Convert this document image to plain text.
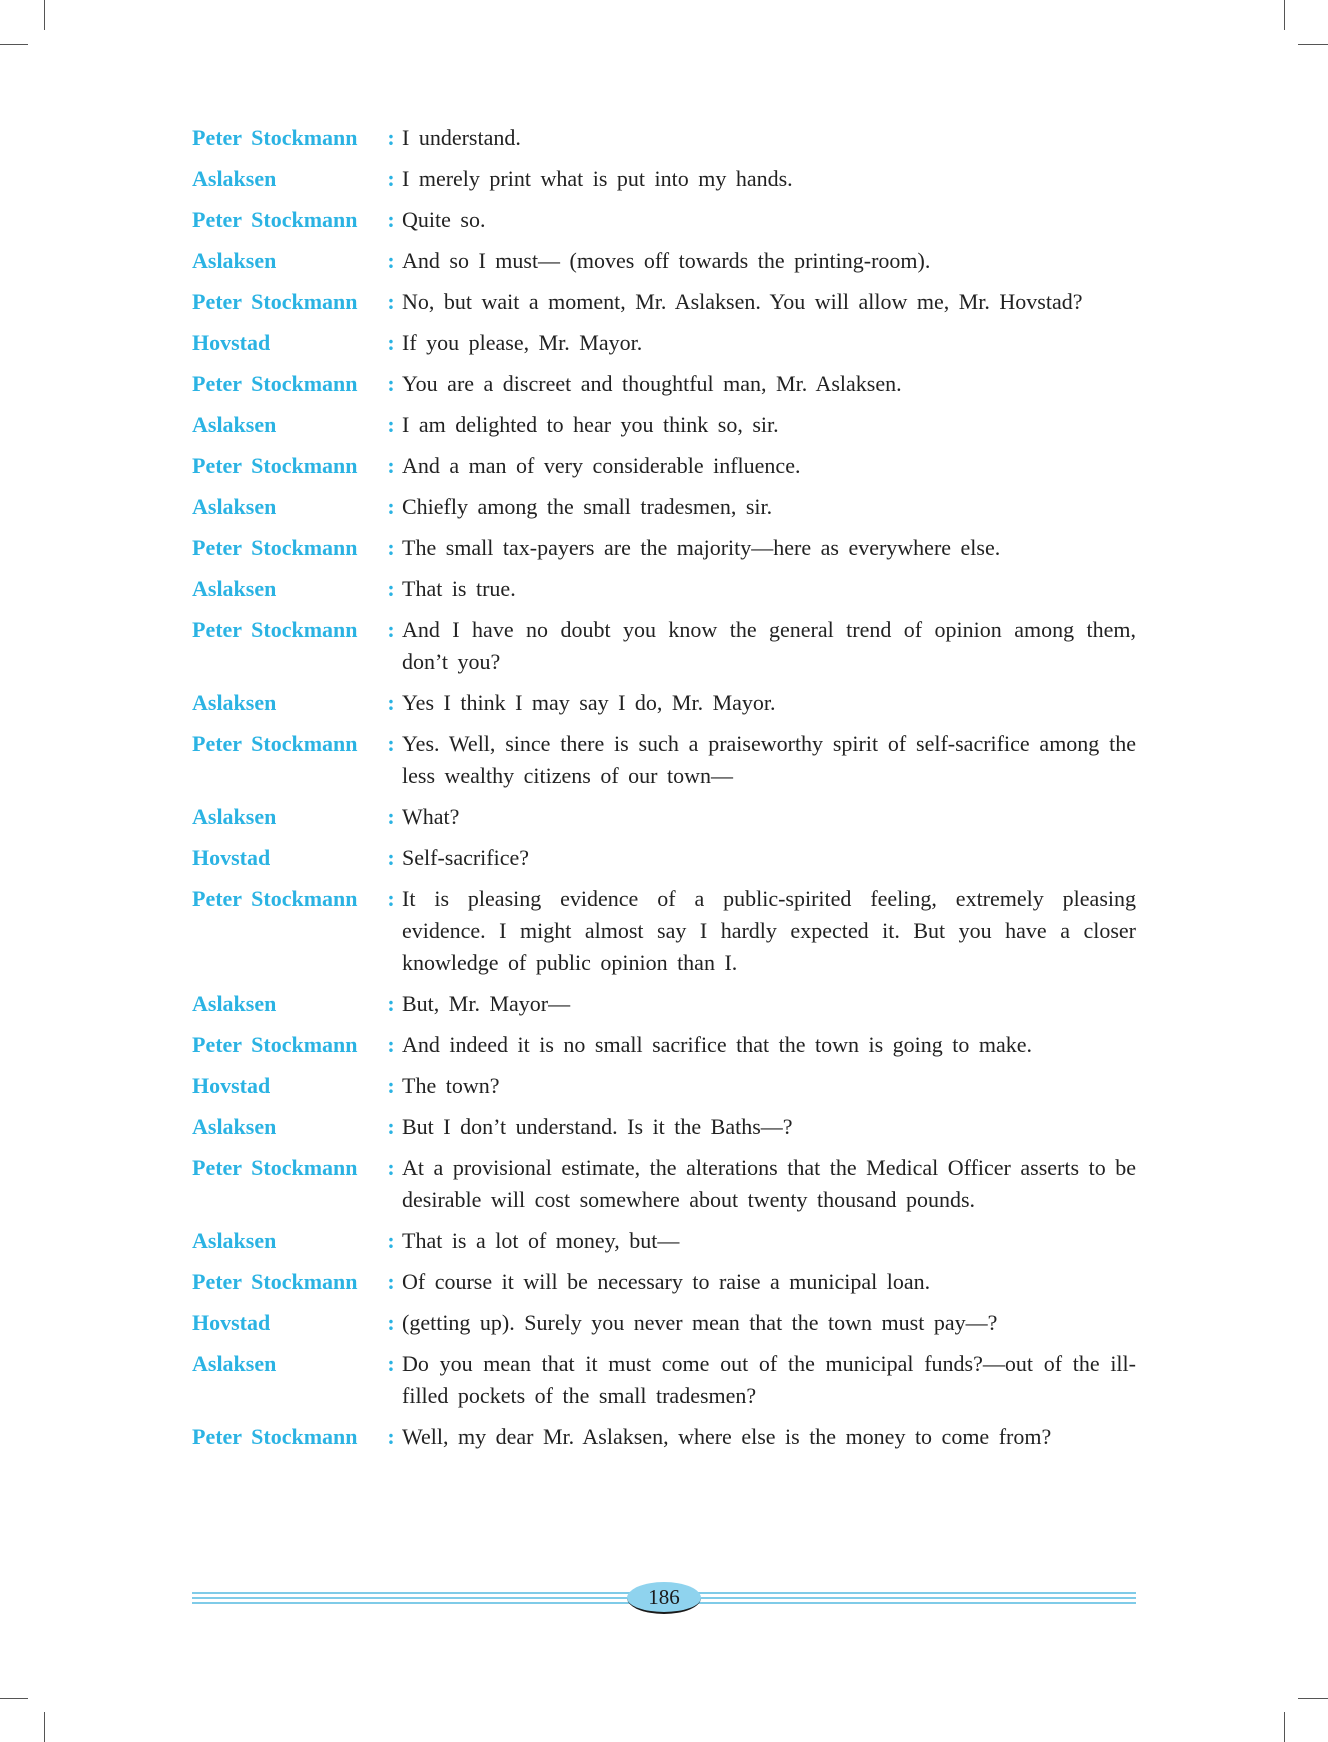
Peter Stockmann	: I understand.
Aslaksen	: I merely print what is put into my hands.
Peter Stockmann	: Quite so.
Aslaksen	: And so I must— (moves off towards the printing-room).
Peter Stockmann	: No, but wait a moment, Mr. Aslaksen. You will allow me, Mr. Hovstad?
Hovstad	: If you please, Mr. Mayor.
Peter Stockmann	: You are a discreet and thoughtful man, Mr. Aslaksen.
Aslaksen	: I am delighted to hear you think so, sir.
Peter Stockmann	: And a man of very considerable influence.
Aslaksen	: Chiefly among the small tradesmen, sir.
Peter Stockmann	: The small tax-payers are the majority—here as everywhere else.
Aslaksen	: That is true.
Peter Stockmann	: And I have no doubt you know the general trend of opinion among them, don’t you?
Aslaksen	: Yes I think I may say I do, Mr. Mayor.
Peter Stockmann	: Yes. Well, since there is such a praiseworthy spirit of self-sacrifice among the less wealthy citizens of our town—
Aslaksen	: What?
Hovstad	: Self-sacrifice?
Peter Stockmann	: It is pleasing evidence of a public-spirited feeling, extremely pleasing evidence. I might almost say I hardly expected it. But you have a closer knowledge of public opinion than I.
Aslaksen	: But, Mr. Mayor—
Peter Stockmann	: And indeed it is no small sacrifice that the town is going to make.
Hovstad	: The town?
Aslaksen	: But I don’t understand. Is it the Baths—?
Peter Stockmann	: At a provisional estimate, the alterations that the Medical Officer asserts to be desirable will cost somewhere about twenty thousand pounds.
Aslaksen	: That is a lot of money, but—
Peter Stockmann	: Of course it will be necessary to raise a municipal loan.
Hovstad	: (getting up). Surely you never mean that the town must pay—?
Aslaksen	: Do you mean that it must come out of the municipal funds?—out of the ill-filled pockets of the small tradesmen?
Peter Stockmann	: Well, my dear Mr. Aslaksen, where else is the money to come from?
186
